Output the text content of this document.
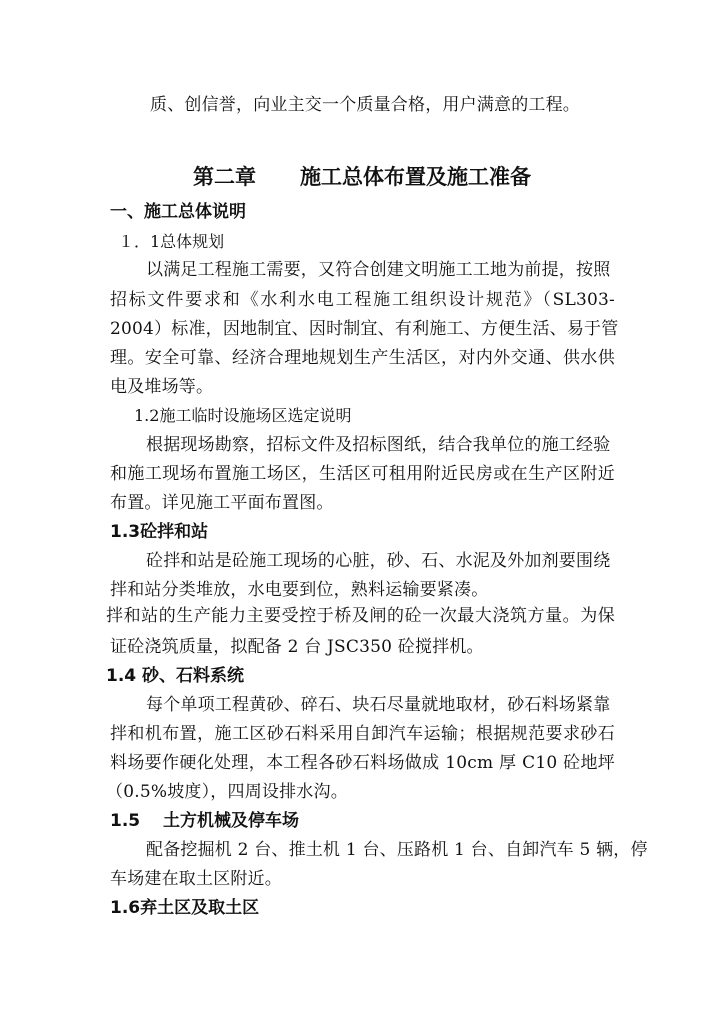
质、创信誉，向业主交一个质量合格，用户满意的工程。
第二章 施工总体布置及施工准备
一、施工总体说明
１．1总体规划
以满足工程施工需要，又符合创建文明施工工地为前提，按照
招标文件要求和《水利水电工程施工组织设计规范》（SL303-
2004）标准，因地制宜、因时制宜、有利施工、方便生活、易于管
理。安全可靠、经济合理地规划生产生活区，对内外交通、供水供
电及堆场等。
1.2施工临时设施场区选定说明
根据现场勘察，招标文件及招标图纸，结合我单位的施工经验
和施工现场布置施工场区，生活区可租用附近民房或在生产区附近
布置。详见施工平面布置图。
1.3砼拌和站
砼拌和站是砼施工现场的心脏，砂、石、水泥及外加剂要围绕
拌和站分类堆放，水电要到位，熟料运输要紧凑。
拌和站的生产能力主要受控于桥及闸的砼一次最大浇筑方量。为保
证砼浇筑质量，拟配备 2 台 JSC350 砼搅拌机。
1.4 砂、石料系统
每个单项工程黄砂、碎石、块石尽量就地取材，砂石料场紧靠
拌和机布置，施工区砂石料采用自卸汽车运输；根据规范要求砂石
料场要作硬化处理，本工程各砂石料场做成 10cm 厚 C10 砼地坪
（0.5%坡度），四周设排水沟。
1.5　 土方机械及停车场
配备挖掘机 2 台、推土机 1 台、压路机 1 台、自卸汽车 5 辆，停
车场建在取土区附近。
1.6弃土区及取土区
